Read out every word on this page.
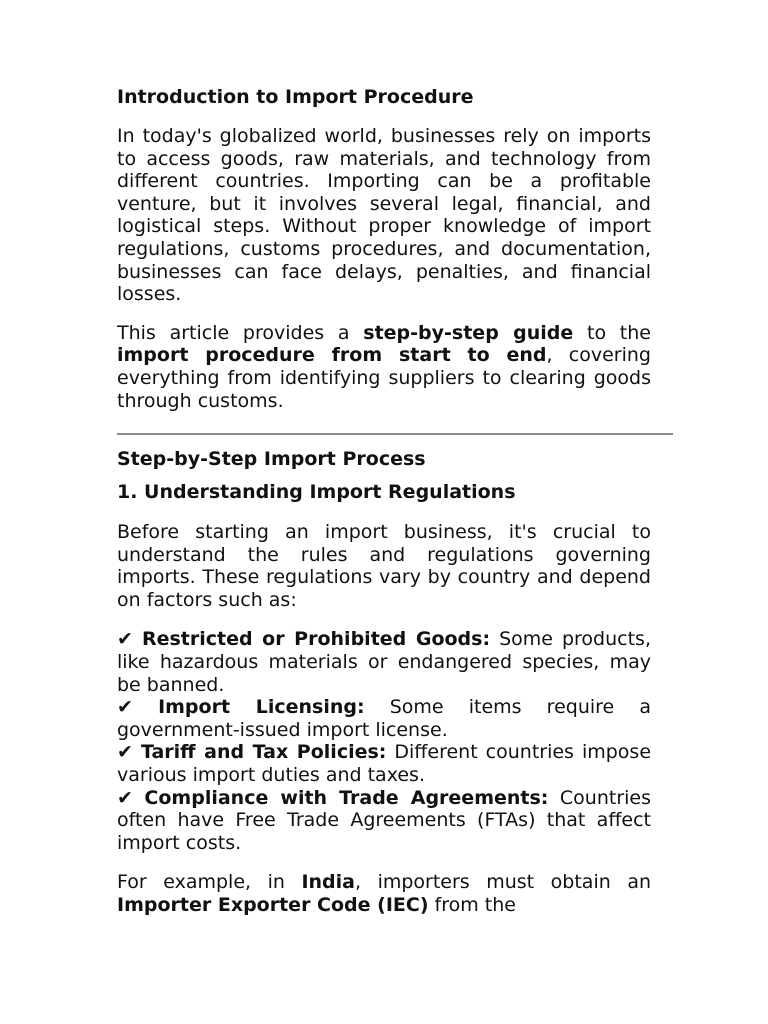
Introduction to Import Procedure

In today's globalized world, businesses rely on imports to access goods, raw materials, and technology from different countries. Importing can be a profitable venture, but it involves several legal, financial, and logistical steps. Without proper knowledge of import regulations, customs procedures, and documentation, businesses can face delays, penalties, and financial losses.

This article provides a step-by-step guide to the import procedure from start to end, covering everything from identifying suppliers to clearing goods through customs.

Step-by-Step Import Process
1. Understanding Import Regulations

Before starting an import business, it's crucial to understand the rules and regulations governing imports. These regulations vary by country and depend on factors such as:

✔ Restricted or Prohibited Goods: Some products, like hazardous materials or endangered species, may be banned.

✔ Import Licensing: Some items require a government-issued import license.

✔ Tariff and Tax Policies: Different countries impose various import duties and taxes.

✔ Compliance with Trade Agreements: Countries often have Free Trade Agreements (FTAs) that affect import costs.

For example, in India, importers must obtain an Importer Exporter Code (IEC) from the
